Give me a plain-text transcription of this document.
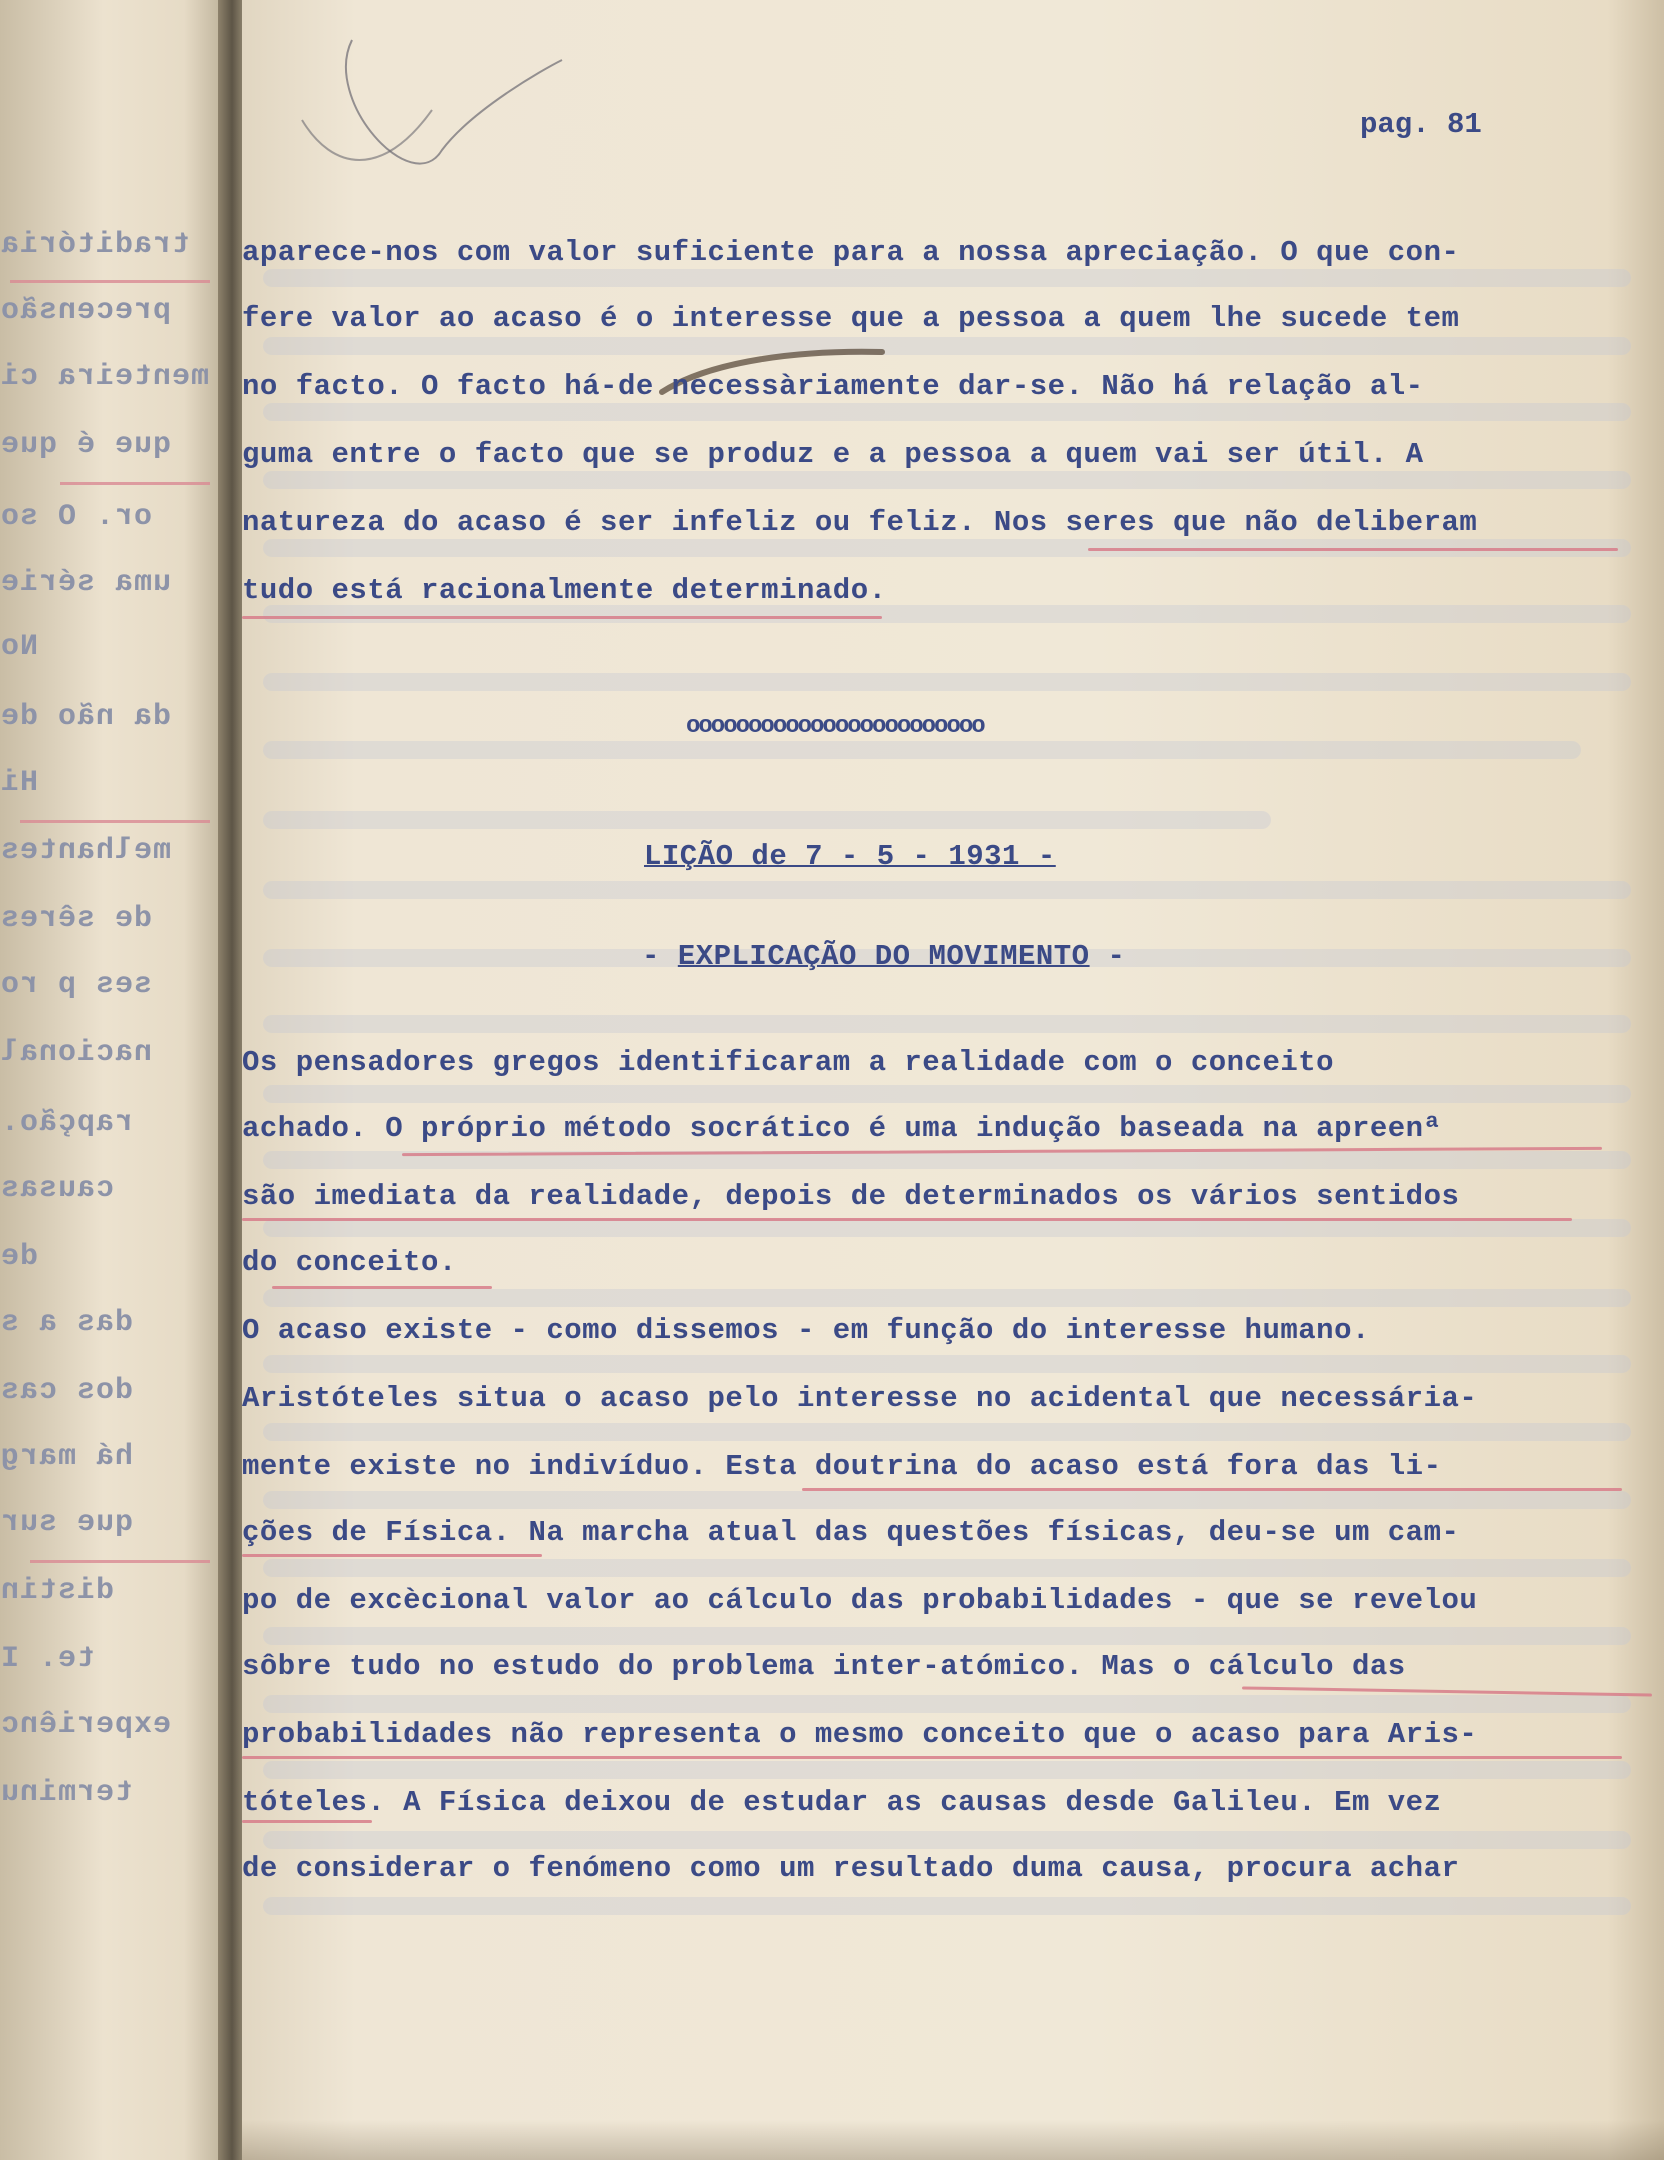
traditória
precensão
menteira ci
que é que
or. O so
uma série
No
da não de
Hi
melhantes
de sêres
ses p ro
nacional
rapção.
causas
de
das a s
dos cas
há marg
que sur
distin
te. I
experiênc
terminu
pag. 81
aparece-nos com valor suficiente para a nossa apreciação. O que con-
fere valor ao acaso é o interesse que a pessoa a quem lhe sucede tem
no facto. O facto há-de necessàriamente dar-se. Não há relação al-
guma entre o facto que se produz e a pessoa a quem vai ser útil. A
natureza do acaso é ser infeliz ou feliz. Nos seres que não deliberam
tudo está racionalmente determinado.
oooooooooooooooooooooooo
LIÇÃO de 7 - 5 - 1931 -
- EXPLICAÇÃO DO MOVIMENTO -
Os pensadores gregos identificaram a realidade com o conceito
achado. O próprio método socrático é uma indução baseada na apreenª
são imediata da realidade, depois de determinados os vários sentidos
do conceito.
O acaso existe - como dissemos - em função do interesse humano.
Aristóteles situa o acaso pelo interesse no acidental que necessária-
mente existe no indivíduo. Esta doutrina do acaso está fora das li-
ções de Física. Na marcha atual das questões físicas, deu-se um cam-
po de excècional valor ao cálculo das probabilidades - que se revelou
sôbre tudo no estudo do problema inter-atómico. Mas o cálculo das
probabilidades não representa o mesmo conceito que o acaso para Aris-
tóteles. A Física deixou de estudar as causas desde Galileu. Em vez
de considerar o fenómeno como um resultado duma causa, procura achar
